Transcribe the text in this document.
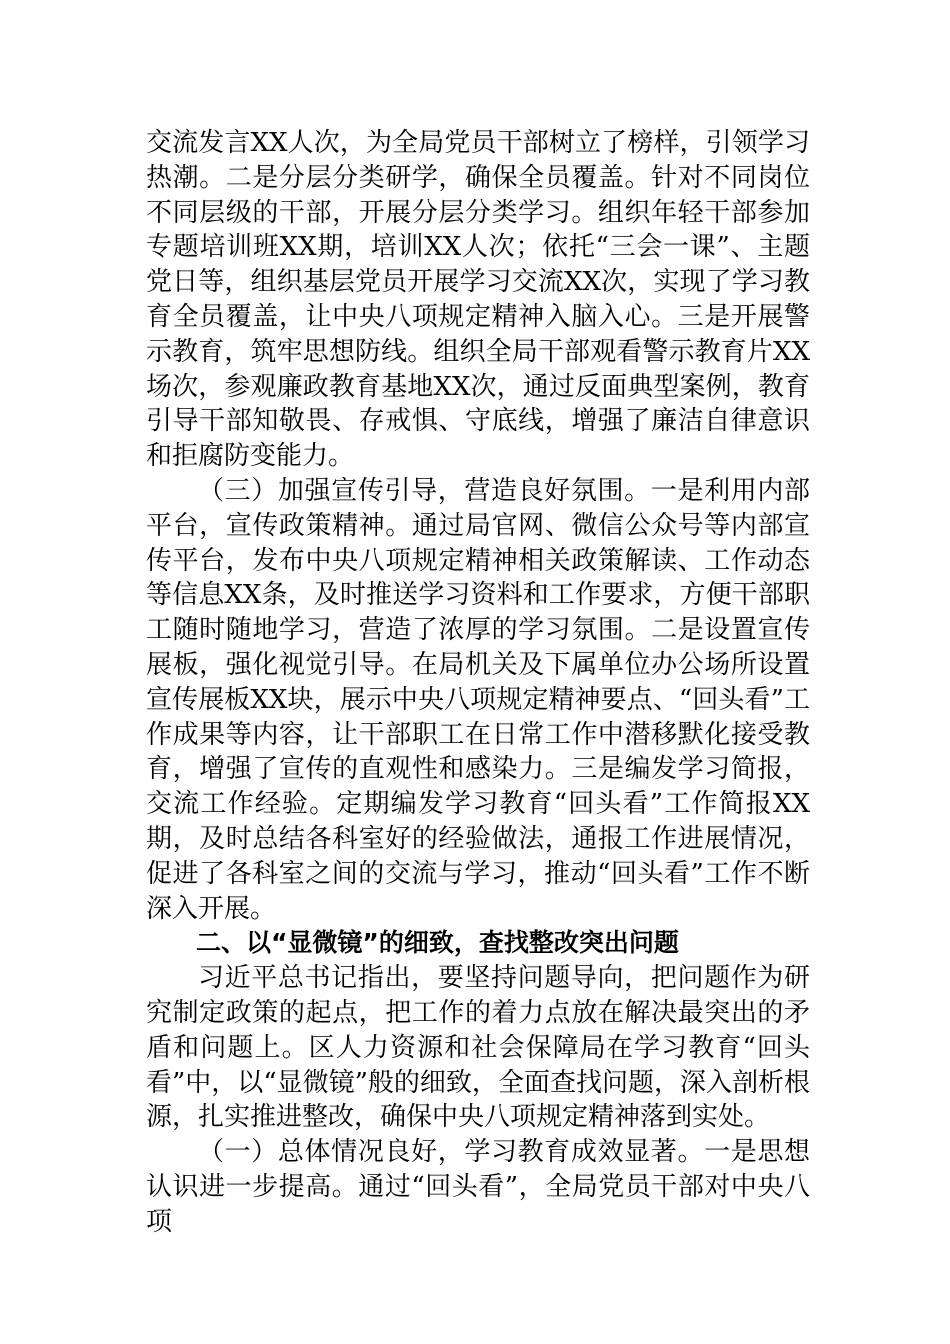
交流发言XX人次，为全局党员干部树立了榜样，引领学习热潮。二是分层分类研学，确保全员覆盖。针对不同岗位不同层级的干部，开展分层分类学习。组织年轻干部参加专题培训班XX期，培训XX人次；依托“三会一课”、主题党日等，组织基层党员开展学习交流XX次，实现了学习教育全员覆盖，让中央八项规定精神入脑入心。三是开展警示教育，筑牢思想防线。组织全局干部观看警示教育片XX场次，参观廉政教育基地XX次，通过反面典型案例，教育引导干部知敬畏、存戒惧、守底线，增强了廉洁自律意识和拒腐防变能力。

（三）加强宣传引导，营造良好氛围。一是利用内部平台，宣传政策精神。通过局官网、微信公众号等内部宣传平台，发布中央八项规定精神相关政策解读、工作动态等信息XX条，及时推送学习资料和工作要求，方便干部职工随时随地学习，营造了浓厚的学习氛围。二是设置宣传展板，强化视觉引导。在局机关及下属单位办公场所设置宣传展板XX块，展示中央八项规定精神要点、“回头看”工作成果等内容，让干部职工在日常工作中潜移默化接受教育，增强了宣传的直观性和感染力。三是编发学习简报，交流工作经验。定期编发学习教育“回头看”工作简报XX期，及时总结各科室好的经验做法，通报工作进展情况，促进了各科室之间的交流与学习，推动“回头看”工作不断深入开展。

二、以“显微镜”的细致，查找整改突出问题

习近平总书记指出，要坚持问题导向，把问题作为研究制定政策的起点，把工作的着力点放在解决最突出的矛盾和问题上。区人力资源和社会保障局在学习教育“回头看”中，以“显微镜”般的细致，全面查找问题，深入剖析根源，扎实推进整改，确保中央八项规定精神落到实处。

（一）总体情况良好，学习教育成效显著。一是思想认识进一步提高。通过“回头看”，全局党员干部对中央八项
